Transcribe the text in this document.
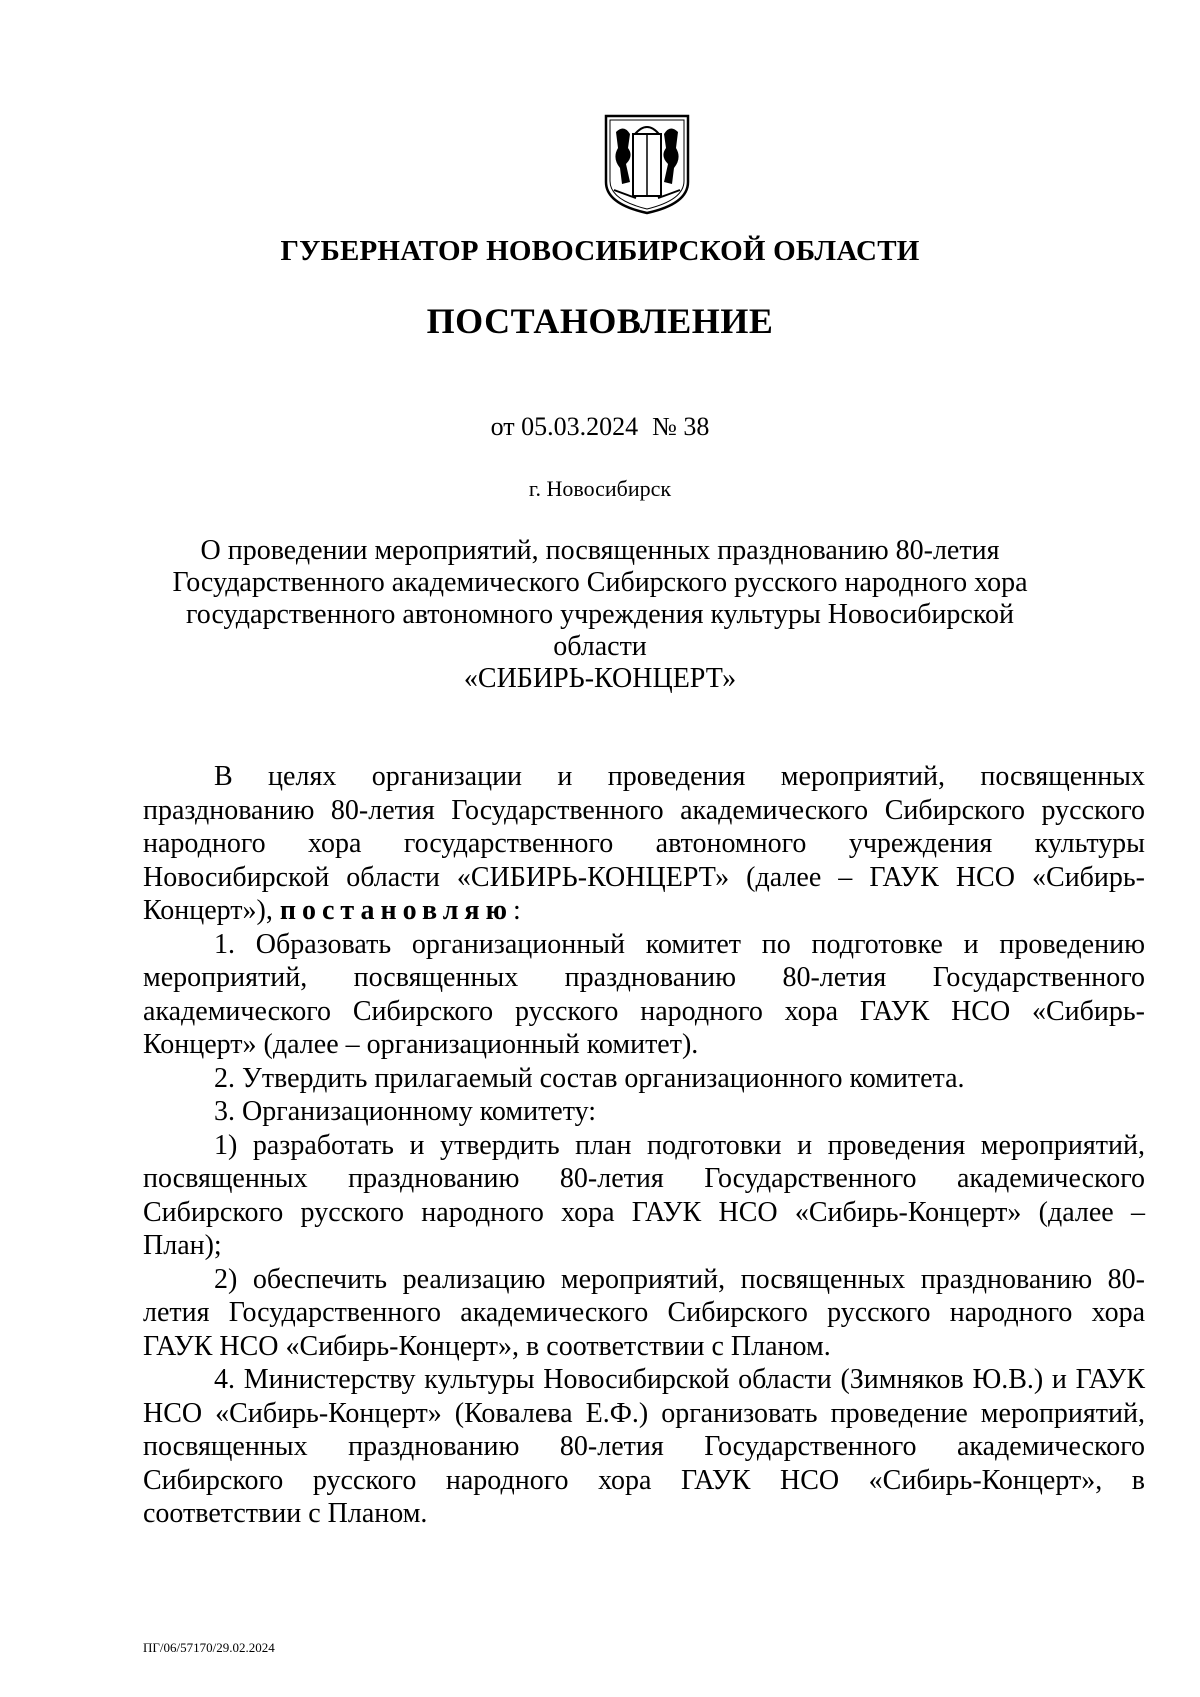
ГУБЕРНАТОР НОВОСИБИРСКОЙ ОБЛАСТИ
ПОСТАНОВЛЕНИЕ
от 05.03.2024 № 38
г. Новосибирск
О проведении мероприятий, посвященных празднованию 80-летия
Государственного академического Сибирского русского народного хора
государственного автономного учреждения культуры Новосибирской области
«СИБИРЬ-КОНЦЕРТ»

В целях организации и проведения мероприятий, посвященных празднованию 80-летия Государственного академического Сибирского русского народного хора государственного автономного учреждения культуры Новосибирской области «СИБИРЬ-КОНЦЕРТ» (далее – ГАУК НСО «Сибирь-Концерт»), постановляю:

1. Образовать организационный комитет по подготовке и проведению мероприятий, посвященных празднованию 80-летия Государственного академического Сибирского русского народного хора ГАУК НСО «Сибирь-Концерт» (далее – организационный комитет).

2. Утвердить прилагаемый состав организационного комитета.

3. Организационному комитету:

1) разработать и утвердить план подготовки и проведения мероприятий, посвященных празднованию 80-летия Государственного академического Сибирского русского народного хора ГАУК НСО «Сибирь-Концерт» (далее – План);

2) обеспечить реализацию мероприятий, посвященных празднованию 80-летия Государственного академического Сибирского русского народного хора ГАУК НСО «Сибирь-Концерт», в соответствии с Планом.

4. Министерству культуры Новосибирской области (Зимняков Ю.В.) и ГАУК НСО «Сибирь-Концерт» (Ковалева Е.Ф.) организовать проведение мероприятий, посвященных празднованию 80-летия Государственного академического Сибирского русского народного хора ГАУК НСО «Сибирь-Концерт», в соответствии с Планом.

ПГ/06/57170/29.02.2024
